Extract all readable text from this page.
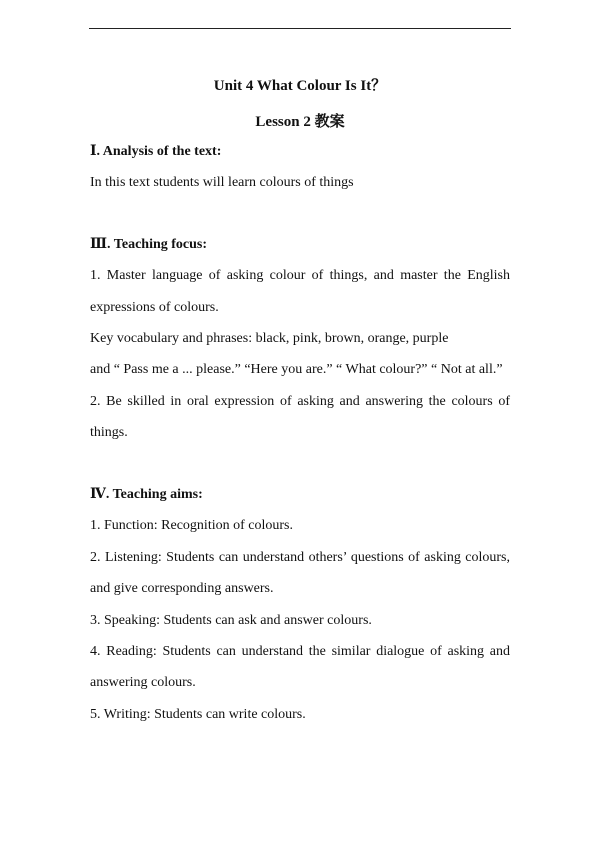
Unit 4 What Colour Is It？
Lesson 2 教案
Ⅰ. Analysis of the text:
In this text students will learn colours of things
Ⅲ. Teaching focus:
1. Master language of asking colour of things, and master the English
expressions of colours.
Key vocabulary and phrases: black, pink, brown, orange, purple
and “ Pass me a ... please.” “Here you are.” “ What colour?” “ Not at all.”
2. Be skilled in oral expression of asking and answering the colours of
things.
Ⅳ. Teaching aims:
1. Function: Recognition of colours.
2. Listening: Students can understand others’ questions of asking colours,
and give corresponding answers.
3. Speaking: Students can ask and answer colours.
4. Reading: Students can understand the similar dialogue of asking and
answering colours.
5. Writing: Students can write colours.
